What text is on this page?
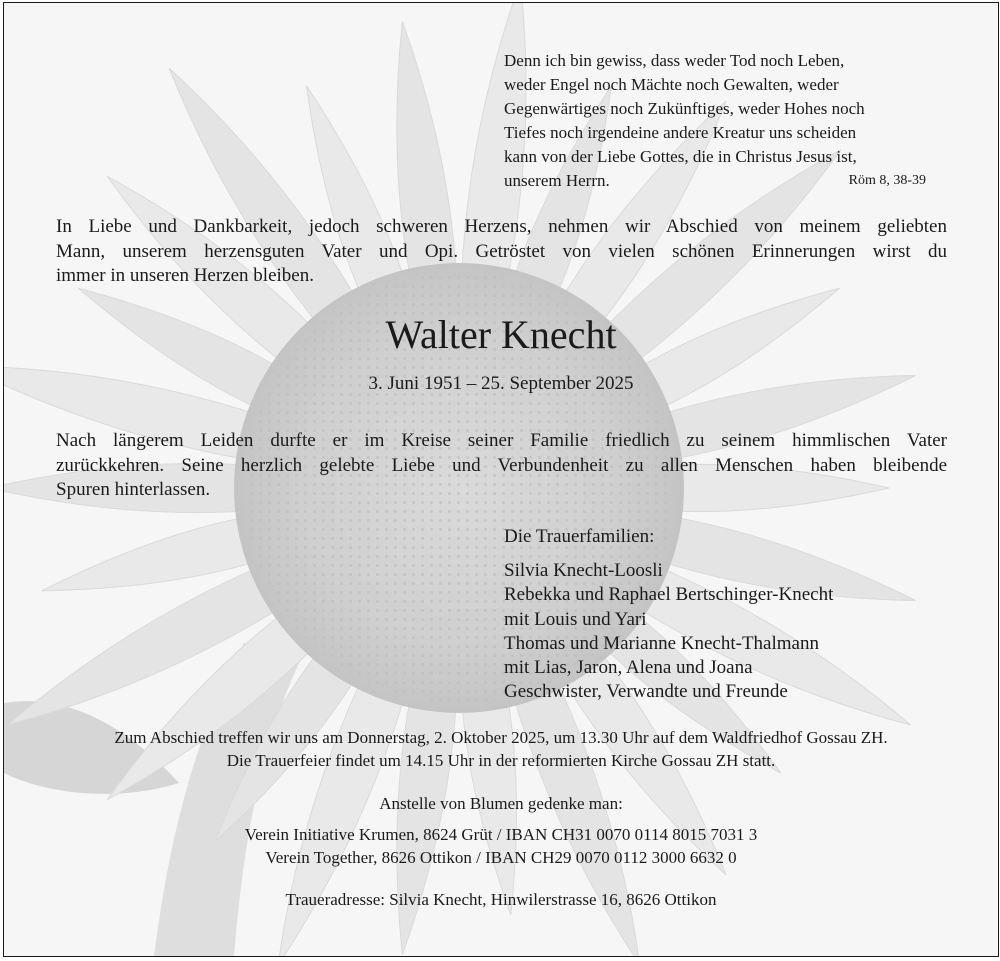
Denn ich bin gewiss, dass weder Tod noch Leben,
weder Engel noch Mächte noch Gewalten, weder
Gegenwärtiges noch Zukünftiges, weder Hohes noch
Tiefes noch irgendeine andere Kreatur uns scheiden
kann von der Liebe Gottes, die in Christus Jesus ist,
unserem Herrn.	Röm 8, 38-39
In Liebe und Dankbarkeit, jedoch schweren Herzens, nehmen wir Abschied von meinem geliebten
Mann, unserem herzensguten Vater und Opi. Getröstet von vielen schönen Erinnerungen wirst du
immer in unseren Herzen bleiben.
Walter Knecht
3. Juni 1951 – 25. September 2025
Nach längerem Leiden durfte er im Kreise seiner Familie friedlich zu seinem himmlischen Vater
zurückkehren. Seine herzlich gelebte Liebe und Verbundenheit zu allen Menschen haben bleibende
Spuren hinterlassen.
Die Trauerfamilien:
Silvia Knecht-Loosli
Rebekka und Raphael Bertschinger-Knecht
mit Louis und Yari
Thomas und Marianne Knecht-Thalmann
mit Lias, Jaron, Alena und Joana
Geschwister, Verwandte und Freunde
Zum Abschied treffen wir uns am Donnerstag, 2. Oktober 2025, um 13.30 Uhr auf dem Waldfriedhof Gossau ZH.
Die Trauerfeier findet um 14.15 Uhr in der reformierten Kirche Gossau ZH statt.
Anstelle von Blumen gedenke man:
Verein Initiative Krumen, 8624 Grüt / IBAN CH31 0070 0114 8015 7031 3
Verein Together, 8626 Ottikon / IBAN CH29 0070 0112 3000 6632 0
Traueradresse: Silvia Knecht, Hinwilerstrasse 16, 8626 Ottikon
